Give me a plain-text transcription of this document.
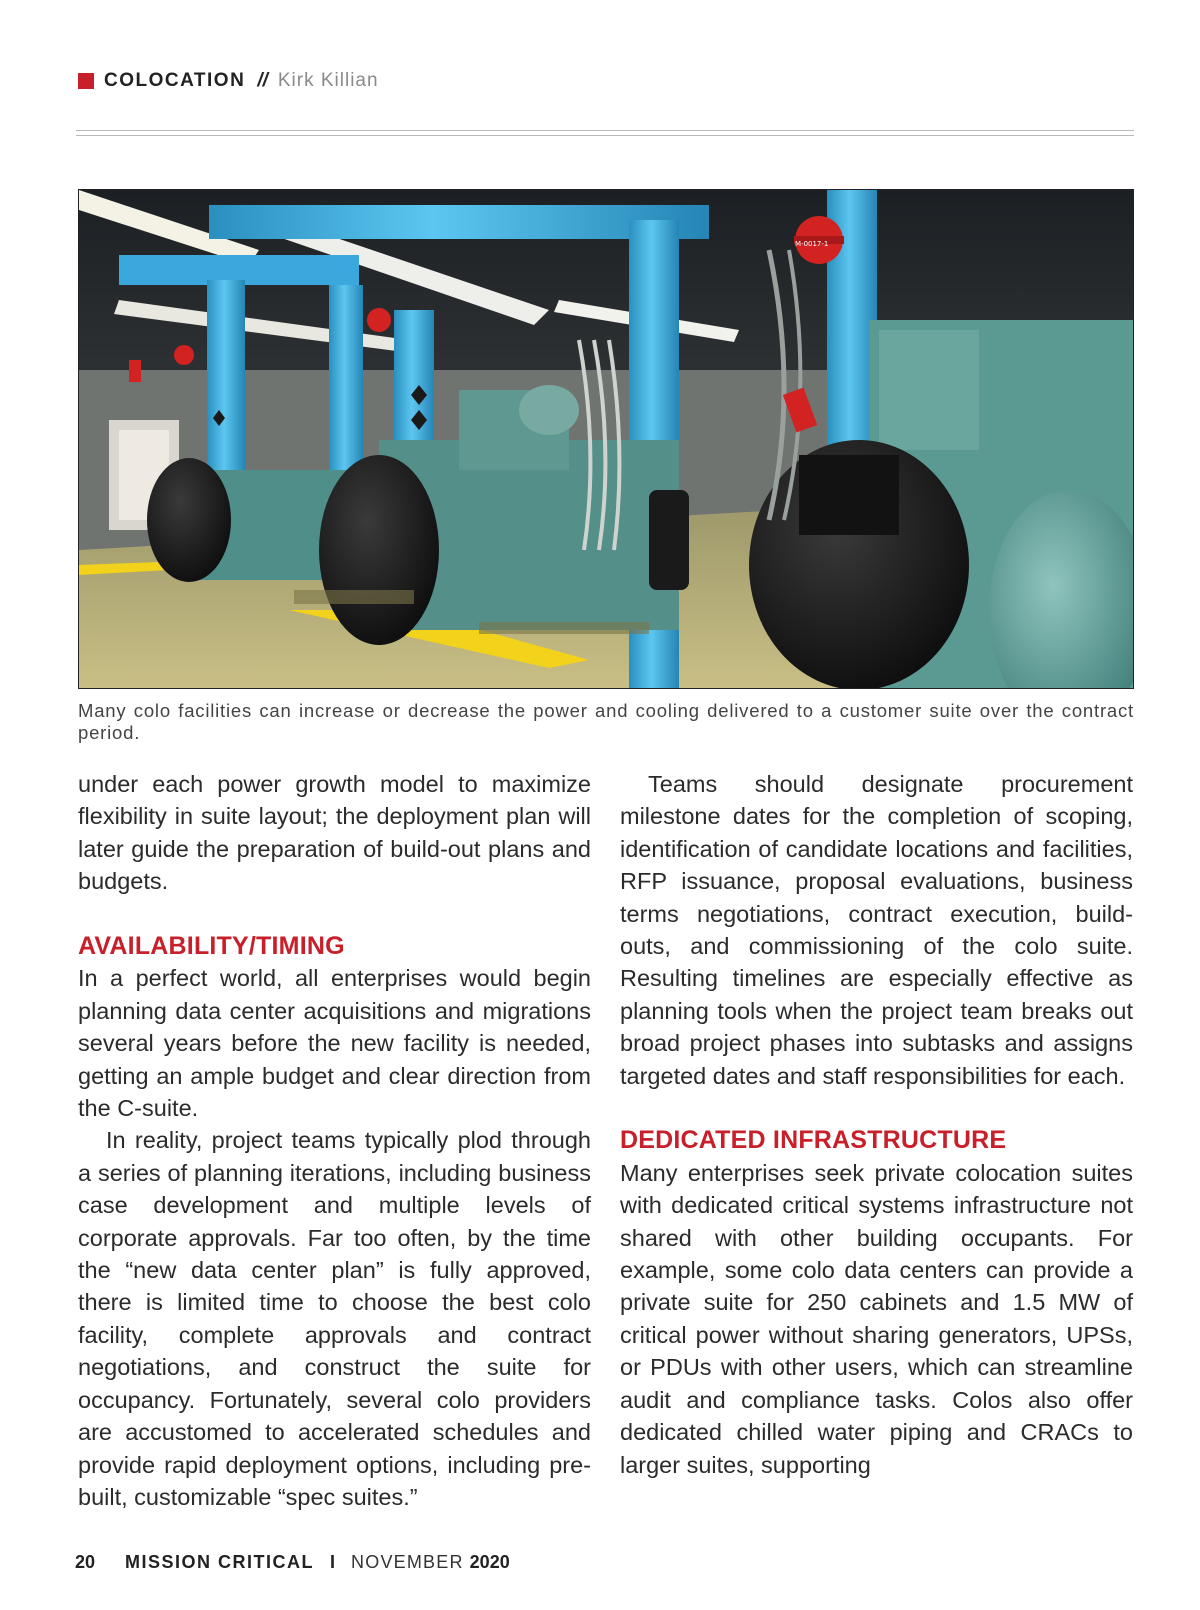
COLOCATION // Kirk Killian
M-0017-1
Many colo facilities can increase or decrease the power and cooling delivered to a customer suite over the contract period.

under each power growth model to maximize flexibility in suite layout; the deployment plan will later guide the preparation of build-out plans and budgets.

AVAILABILITY/TIMING

In a perfect world, all enterprises would begin planning data center acquisitions and migrations several years before the new facility is needed, getting an ample budget and clear direction from the C-suite.

In reality, project teams typically plod through a series of planning iterations, including business case development and multiple levels of corporate approvals. Far too often, by the time the “new data center plan” is fully approved, there is limited time to choose the best colo facility, complete approvals and contract negotiations, and construct the suite for occupancy. Fortunately, several colo providers are accustomed to accelerated schedules and provide rapid deployment options, including pre-built, customizable “spec suites.”

Teams should designate procurement milestone dates for the completion of scoping, identification of candidate locations and facilities, RFP issuance, proposal evaluations, business terms negotiations, contract execution, build-outs, and commissioning of the colo suite. Resulting timelines are especially effective as planning tools when the project team breaks out broad project phases into subtasks and assigns targeted dates and staff responsibilities for each.

DEDICATED INFRASTRUCTURE

Many enterprises seek private colocation suites with dedicated critical systems infrastructure not shared with other building occupants. For example, some colo data centers can provide a private suite for 250 cabinets and 1.5 MW of critical power without sharing generators, UPSs, or PDUs with other users, which can streamline audit and compliance tasks. Colos also offer dedicated chilled water piping and CRACs to larger suites, supporting

20 MISSION CRITICAL I NOVEMBER 2020
